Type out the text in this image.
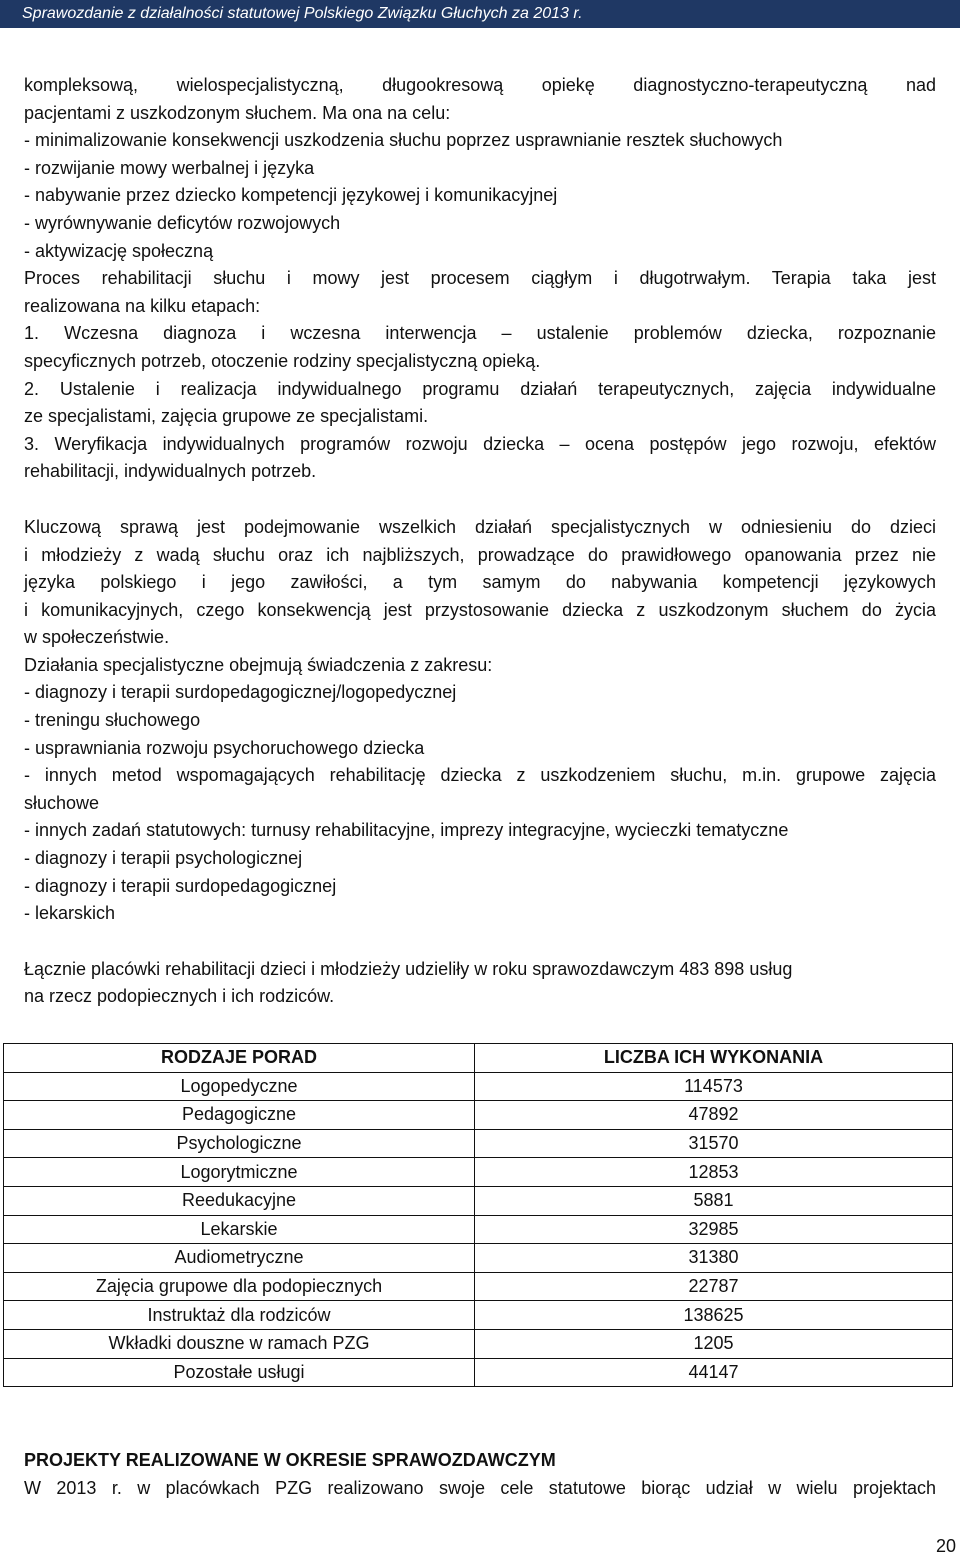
Sprawozdanie z działalności statutowej Polskiego Związku Głuchych za 2013 r.

kompleksową, wielospecjalistyczną, długookresową opiekę diagnostyczno-terapeutyczną nad

pacjentami z uszkodzonym słuchem. Ma ona na celu:

- minimalizowanie konsekwencji uszkodzenia słuchu poprzez usprawnianie resztek słuchowych

- rozwijanie mowy werbalnej i języka

- nabywanie przez dziecko kompetencji językowej i komunikacyjnej

- wyrównywanie deficytów rozwojowych

- aktywizację społeczną

Proces rehabilitacji słuchu i mowy jest procesem ciągłym i długotrwałym. Terapia taka jest

realizowana na kilku etapach:

1. Wczesna diagnoza i wczesna interwencja – ustalenie problemów dziecka, rozpoznanie

specyficznych potrzeb, otoczenie rodziny specjalistyczną opieką.

2. Ustalenie i realizacja indywidualnego programu działań terapeutycznych, zajęcia indywidualne

ze specjalistami, zajęcia grupowe ze specjalistami.

3. Weryfikacja indywidualnych programów rozwoju dziecka – ocena postępów jego rozwoju, efektów

rehabilitacji, indywidualnych potrzeb.

Kluczową sprawą jest podejmowanie wszelkich działań specjalistycznych w odniesieniu do dzieci

i młodzieży z wadą słuchu oraz ich najbliższych, prowadzące do prawidłowego opanowania przez nie

języka polskiego i jego zawiłości, a tym samym do nabywania kompetencji językowych

i komunikacyjnych, czego konsekwencją jest przystosowanie dziecka z uszkodzonym słuchem do życia

w społeczeństwie.

Działania specjalistyczne obejmują świadczenia z zakresu:

- diagnozy i terapii surdopedagogicznej/logopedycznej

- treningu słuchowego

- usprawniania rozwoju psychoruchowego dziecka

- innych metod wspomagających rehabilitację dziecka z uszkodzeniem słuchu, m.in. grupowe zajęcia

słuchowe

- innych zadań statutowych: turnusy rehabilitacyjne, imprezy integracyjne, wycieczki tematyczne

- diagnozy i terapii psychologicznej

- diagnozy i terapii surdopedagogicznej

- lekarskich

Łącznie placówki rehabilitacji dzieci i młodzieży udzieliły w roku sprawozdawczym 483 898 usług

na rzecz podopiecznych i ich rodziców.

RODZAJE PORAD	LICZBA ICH WYKONANIA
Logopedyczne	114573
Pedagogiczne	47892
Psychologiczne	31570
Logorytmiczne	12853
Reedukacyjne	5881
Lekarskie	32985
Audiometryczne	31380
Zajęcia grupowe dla podopiecznych	22787
Instruktaż dla rodziców	138625
Wkładki douszne w ramach PZG	1205
Pozostałe usługi	44147

PROJEKTY REALIZOWANE W OKRESIE SPRAWOZDAWCZYM

W 2013 r. w placówkach PZG realizowano swoje cele statutowe biorąc udział w wielu projektach

20
